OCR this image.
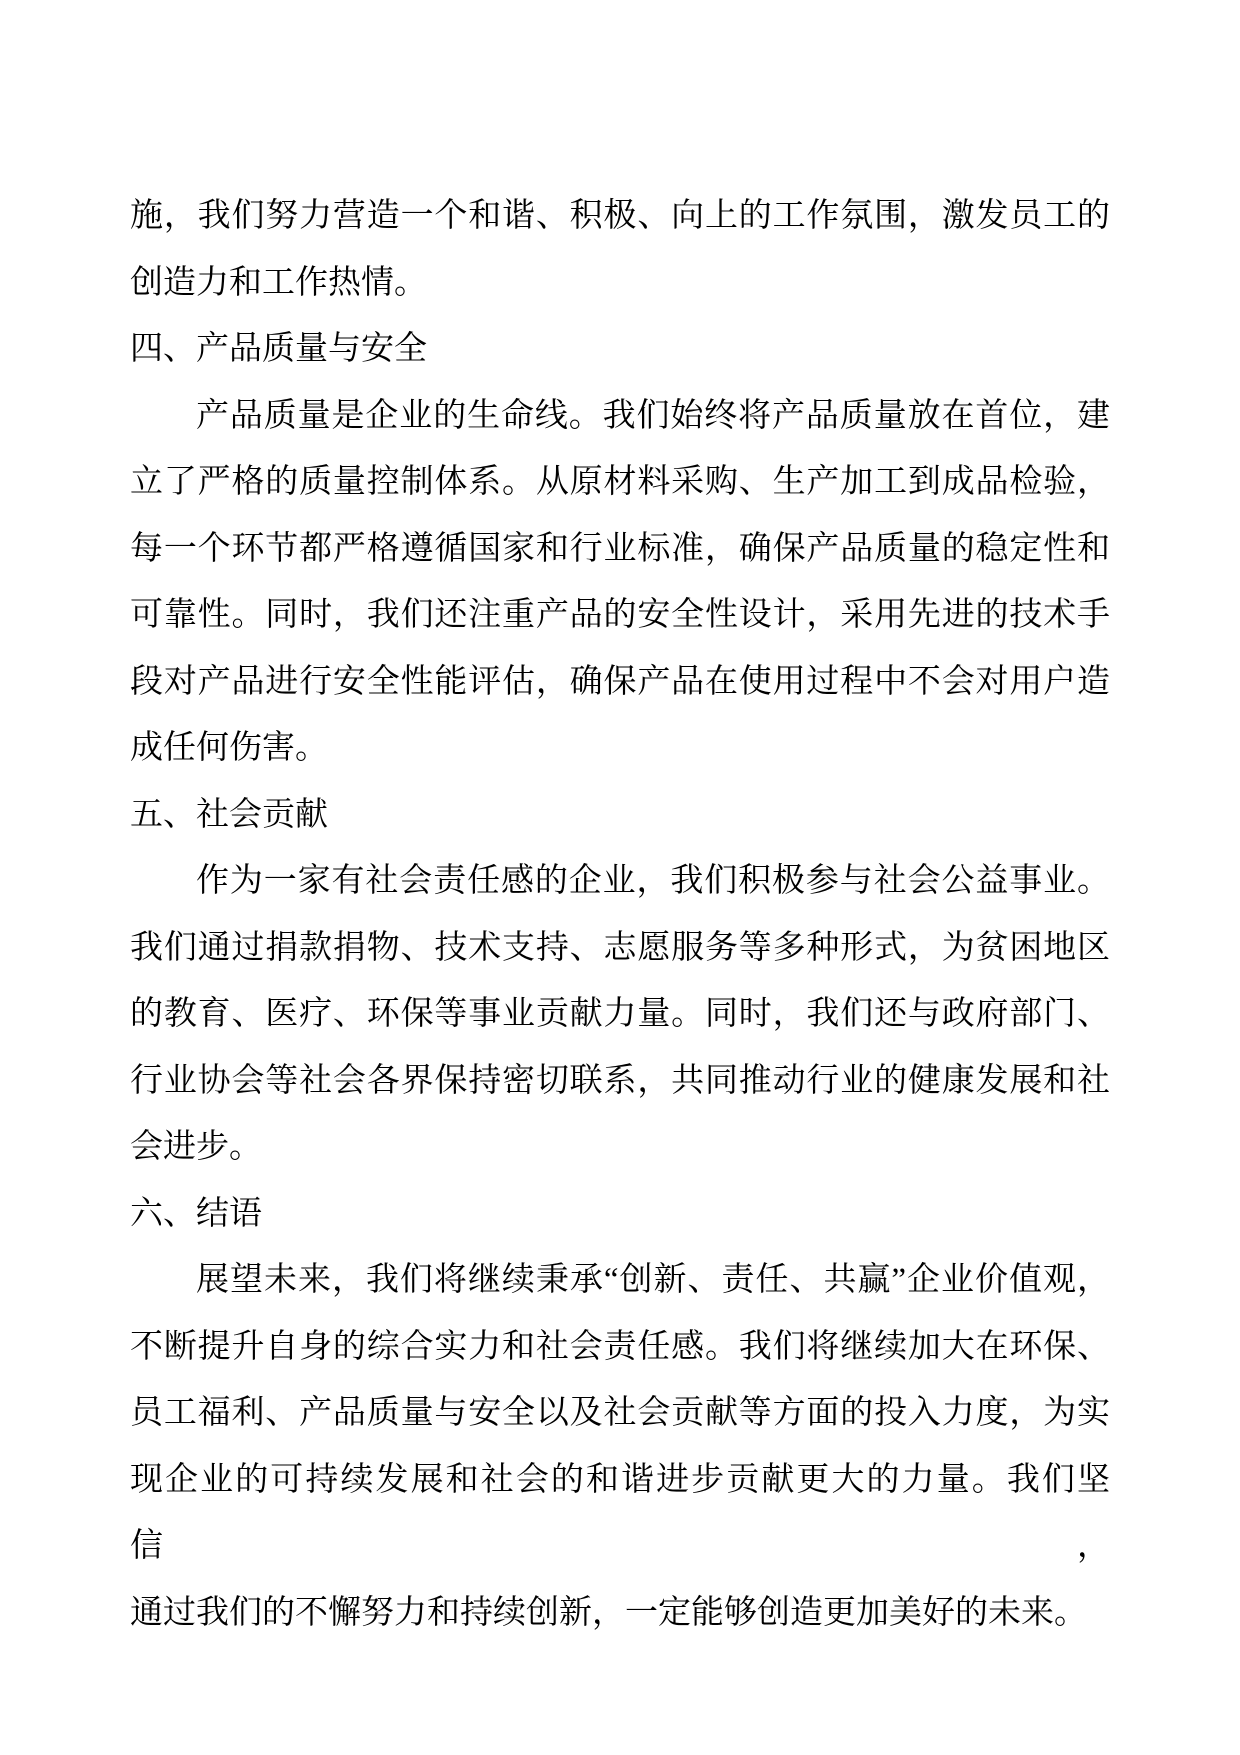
施，我们努力营造一个和谐、积极、向上的工作氛围，激发员工的
创造力和工作热情。
四、产品质量与安全
产品质量是企业的生命线。我们始终将产品质量放在首位，建
立了严格的质量控制体系。从原材料采购、生产加工到成品检验，
每一个环节都严格遵循国家和行业标准，确保产品质量的稳定性和
可靠性。同时，我们还注重产品的安全性设计，采用先进的技术手
段对产品进行安全性能评估，确保产品在使用过程中不会对用户造
成任何伤害。
五、社会贡献
作为一家有社会责任感的企业，我们积极参与社会公益事业。
我们通过捐款捐物、技术支持、志愿服务等多种形式，为贫困地区
的教育、医疗、环保等事业贡献力量。同时，我们还与政府部门、
行业协会等社会各界保持密切联系，共同推动行业的健康发展和社
会进步。
六、结语
展望未来，我们将继续秉承“创新、责任、共赢”企业价值观，
不断提升自身的综合实力和社会责任感。我们将继续加大在环保、
员工福利、产品质量与安全以及社会贡献等方面的投入力度，为实
现企业的可持续发展和社会的和谐进步贡献更大的力量。我们坚信，
通过我们的不懈努力和持续创新，一定能够创造更加美好的未来。
